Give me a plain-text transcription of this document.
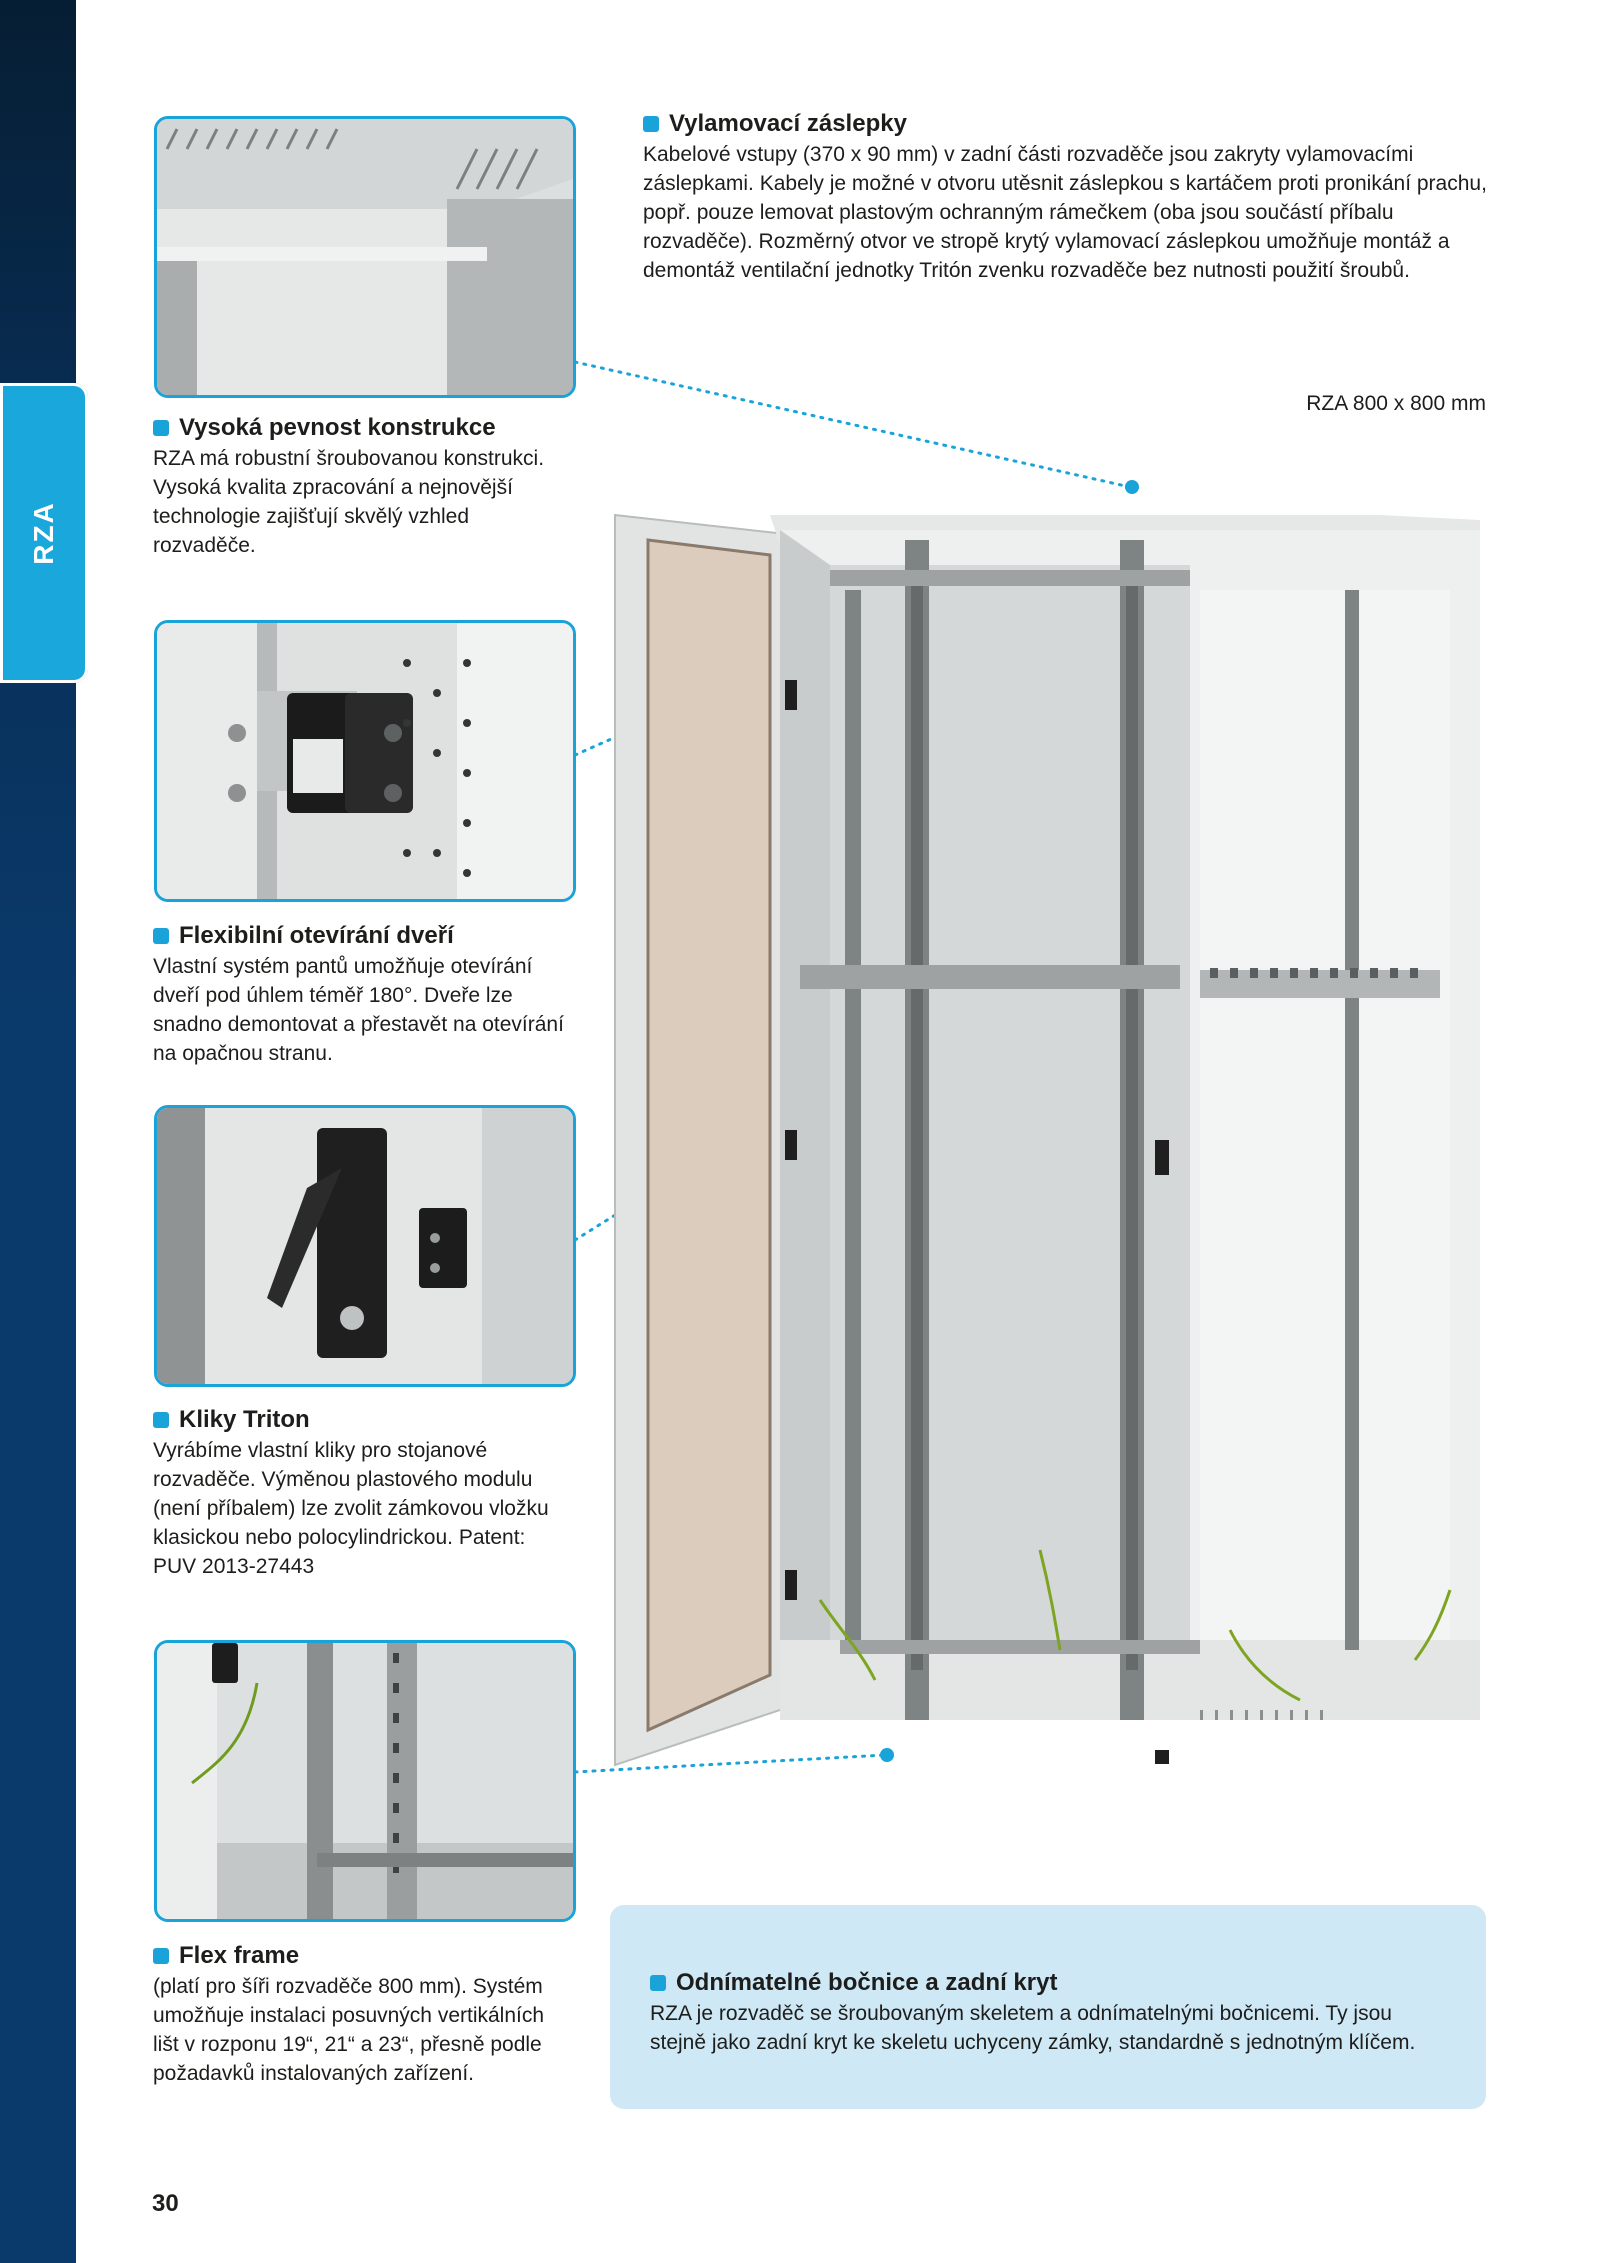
RZA
Vylamovací záslepky
Kabelové vstupy (370 x 90 mm) v zadní části rozvaděče jsou zakryty vylamovacími záslepkami. Kabely je možné v otvoru utěsnit záslepkou s kartáčem proti pronikání prachu, popř. pouze lemovat plastovým ochranným rámečkem (oba jsou součástí příbalu rozvaděče). Rozměrný otvor ve stropě krytý vylamovací záslepkou umožňuje montáž a demontáž ventilační jednotky Tritón zvenku rozvaděče bez nutnosti použití šroubů.
RZA 800 x 800 mm
Vysoká pevnost konstrukce
RZA má robustní šroubovanou konstrukci. Vysoká kvalita zpracování a nejnovější technologie zajišťují skvělý vzhled rozvaděče.
Flexibilní otevírání dveří
Vlastní systém pantů umožňuje otevírání dveří pod úhlem téměř 180°. Dveře lze snadno demontovat a přestavět na otevírání na opačnou stranu.
Kliky Triton
Vyrábíme vlastní kliky pro stojanové rozvaděče. Výměnou plastového modulu (není příbalem) lze zvolit zámkovou vložku klasickou nebo polocylindrickou. Patent: PUV 2013-27443
Flex frame
(platí pro šíři rozvaděče 800 mm). Systém umožňuje instalaci posuvných vertikálních lišt v rozponu 19“, 21“ a 23“, přesně podle požadavků instalovaných zařízení.
Odnímatelné bočnice a zadní kryt
RZA je rozvaděč se šroubovaným skeletem a odnímatelnými bočnicemi. Ty jsou stejně jako zadní kryt ke skeletu uchyceny zámky, standardně s jednotným klíčem.
30
